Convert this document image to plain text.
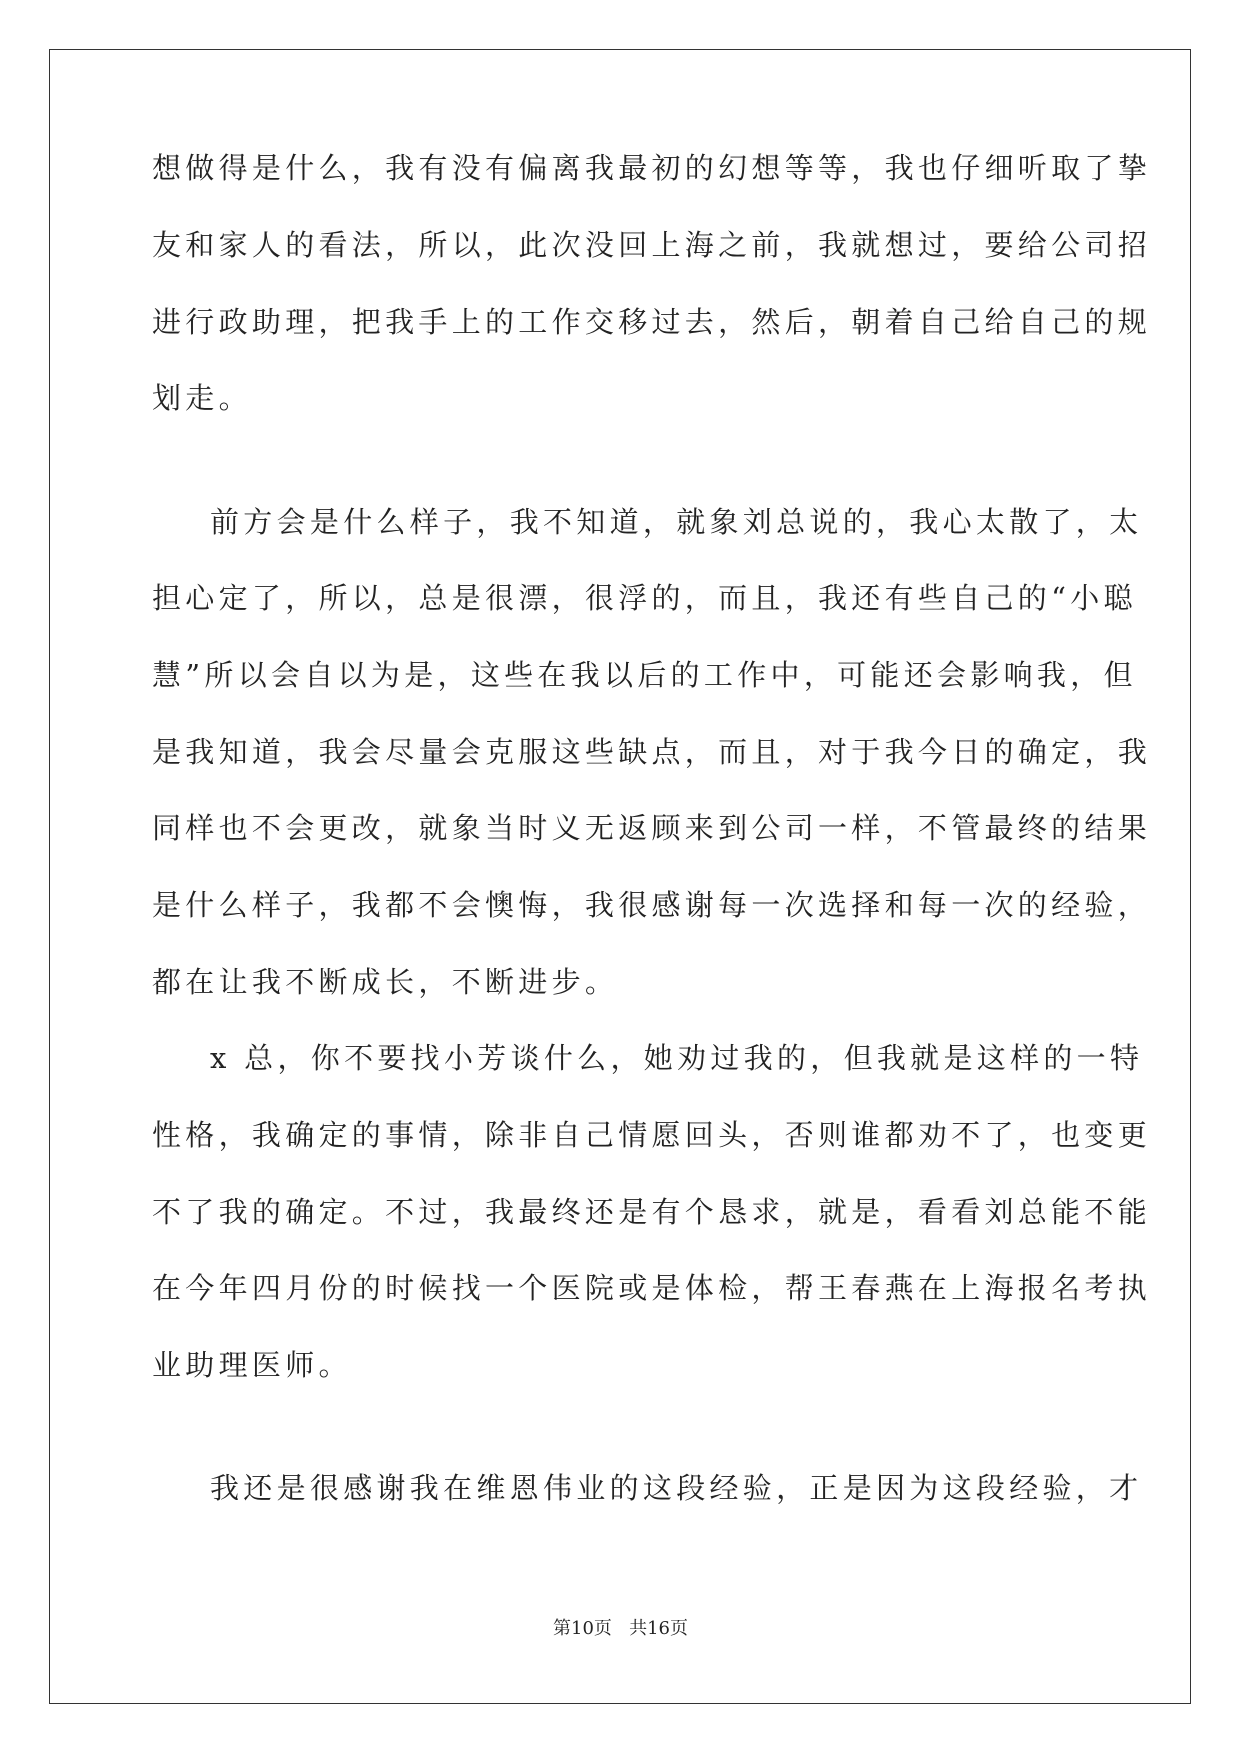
想做得是什么，我有没有偏离我最初的幻想等等，我也仔细听取了挚
友和家人的看法，所以，此次没回上海之前，我就想过，要给公司招
进行政助理，把我手上的工作交移过去，然后，朝着自己给自己的规
划走。
前方会是什么样子，我不知道，就象刘总说的，我心太散了，太
担心定了，所以，总是很漂，很浮的，而且，我还有些自己的“小聪
慧”所以会自以为是，这些在我以后的工作中，可能还会影响我，但
是我知道，我会尽量会克服这些缺点，而且，对于我今日的确定，我
同样也不会更改，就象当时义无返顾来到公司一样，不管最终的结果
是什么样子，我都不会懊悔，我很感谢每一次选择和每一次的经验，
都在让我不断成长，不断进步。
x 总，你不要找小芳谈什么，她劝过我的，但我就是这样的一特
性格，我确定的事情，除非自己情愿回头，否则谁都劝不了，也变更
不了我的确定。不过，我最终还是有个恳求，就是，看看刘总能不能
在今年四月份的时候找一个医院或是体检，帮王春燕在上海报名考执
业助理医师。
我还是很感谢我在维恩伟业的这段经验，正是因为这段经验，才
第10页 共16页
